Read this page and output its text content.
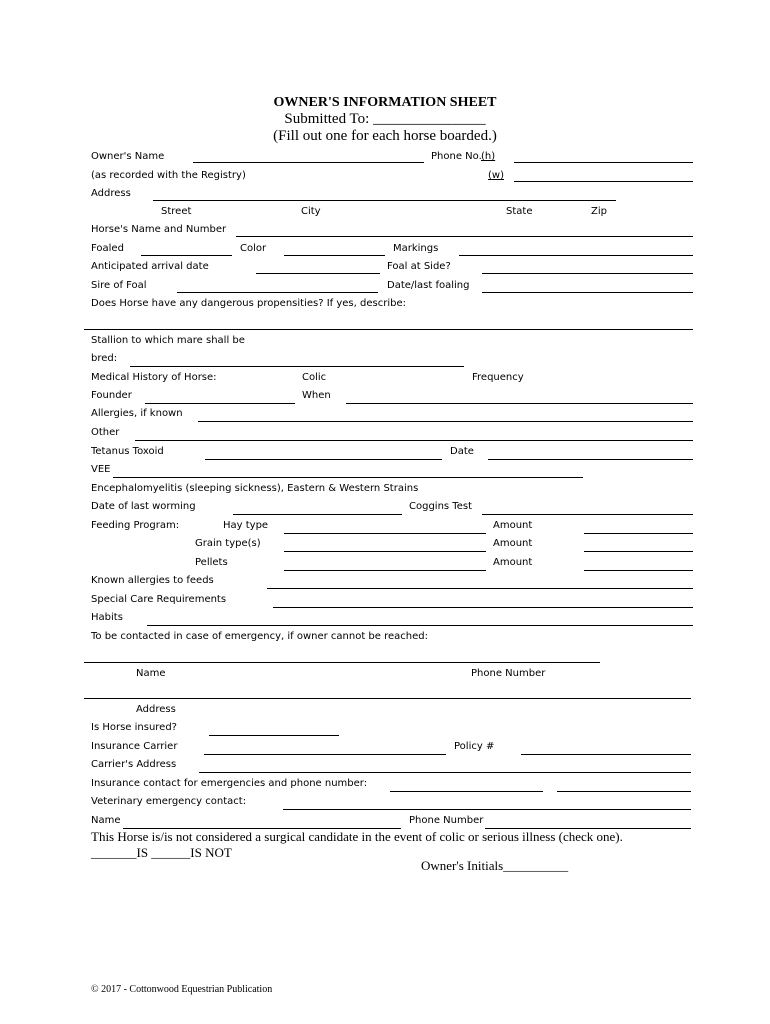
OWNER'S INFORMATION SHEET
Submitted To: _______________
(Fill out one for each horse boarded.)
Owner's Name	Phone No. (h)
(as recorded with the Registry)	(w)
Address
Street	City	State	Zip
Horse's Name and Number
Foaled	Color	Markings
Anticipated arrival date	Foal at Side?
Sire of Foal	Date/last foaling
Does Horse have any dangerous propensities? If yes, describe:
Stallion to which mare shall be
bred:
Medical History of Horse:	Colic	Frequency
Founder	When
Allergies, if known
Other
Tetanus Toxoid	Date
VEE
Encephalomyelitis (sleeping sickness), Eastern & Western Strains
Date of last worming	Coggins Test
Feeding Program:	Hay type	Amount
Grain type(s)	Amount
Pellets	Amount
Known allergies to feeds
Special Care Requirements
Habits
To be contacted in case of emergency, if owner cannot be reached:
Name	Phone Number
Address
Is Horse insured?
Insurance Carrier	Policy #
Carrier's Address
Insurance contact for emergencies and phone number:
Veterinary emergency contact:
Name	Phone Number
This Horse is/is not considered a surgical candidate in the event of colic or serious illness (check one).
_______IS ______IS NOT
Owner's Initials__________
© 2017 - Cottonwood Equestrian Publication
